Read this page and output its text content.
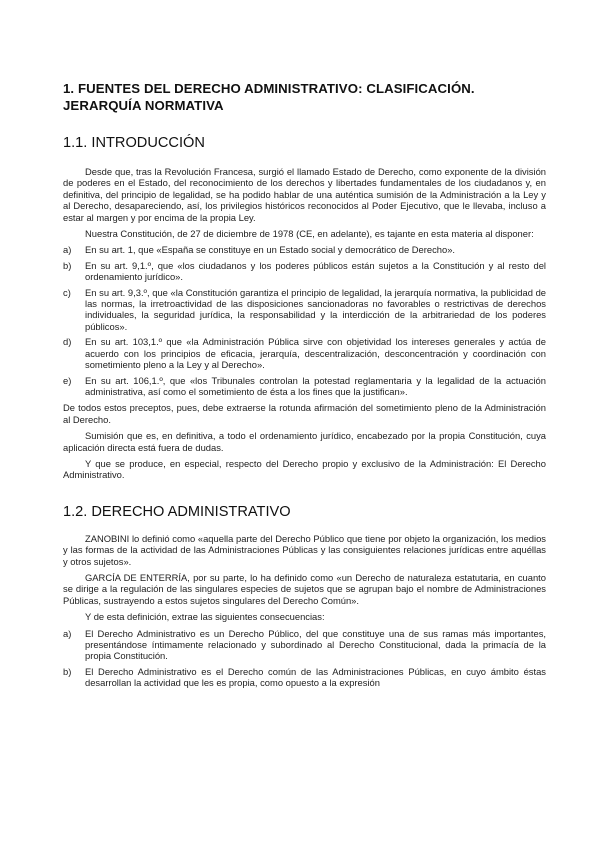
1. FUENTES DEL DERECHO ADMINISTRATIVO: CLASIFICACIÓN. JERARQUÍA NORMATIVA
1.1. INTRODUCCIÓN

Desde que, tras la Revolución Francesa, surgió el llamado Estado de Derecho, como exponente de la división de poderes en el Estado, del reconocimiento de los derechos y libertades fundamentales de los ciudadanos y, en definitiva, del principio de legalidad, se ha podido hablar de una auténtica sumisión de la Administración a la Ley y al Derecho, desapareciendo, así, los privilegios históricos reconocidos al Poder Ejecutivo, que le llevaba, incluso a estar al margen y por encima de la propia Ley.

Nuestra Constitución, de 27 de diciembre de 1978 (CE, en adelante), es tajante en esta materia al disponer:

a) En su art. 1, que «España se constituye en un Estado social y democrático de Derecho».
b) En su art. 9,1.º, que «los ciudadanos y los poderes públicos están sujetos a la Constitución y al resto del ordenamiento jurídico».
c) En su art. 9,3.º, que «la Constitución garantiza el principio de legalidad, la jerarquía normativa, la publicidad de las normas, la irretroactividad de las disposiciones sancionadoras no favorables o restrictivas de derechos individuales, la seguridad jurídica, la responsabilidad y la interdicción de la arbitrariedad de los poderes públicos».
d) En su art. 103,1.º que «la Administración Pública sirve con objetividad los intereses generales y actúa de acuerdo con los principios de eficacia, jerarquía, descentralización, desconcentración y coordinación con sometimiento pleno a la Ley y al Derecho».
e) En su art. 106,1.º, que «los Tribunales controlan la potestad reglamentaria y la legalidad de la actuación administrativa, así como el sometimiento de ésta a los fines que la justifican».

De todos estos preceptos, pues, debe extraerse la rotunda afirmación del sometimiento pleno de la Administración al Derecho.

Sumisión que es, en definitiva, a todo el ordenamiento jurídico, encabezado por la propia Constitución, cuya aplicación directa está fuera de dudas.

Y que se produce, en especial, respecto del Derecho propio y exclusivo de la Administración: El Derecho Administrativo.

1.2. DERECHO ADMINISTRATIVO

ZANOBINI lo definió como «aquella parte del Derecho Público que tiene por objeto la organización, los medios y las formas de la actividad de las Administraciones Públicas y las consiguientes relaciones jurídicas entre aquéllas y otros sujetos».

GARCÍA DE ENTERRÍA, por su parte, lo ha definido como «un Derecho de naturaleza estatutaria, en cuanto se dirige a la regulación de las singulares especies de sujetos que se agrupan bajo el nombre de Administraciones Públicas, sustrayendo a estos sujetos singulares del Derecho Común».

Y de esta definición, extrae las siguientes consecuencias:

a) El Derecho Administrativo es un Derecho Público, del que constituye una de sus ramas más importantes, presentándose íntimamente relacionado y subordinado al Derecho Constitucional, dada la primacía de la propia Constitución.
b) El Derecho Administrativo es el Derecho común de las Administraciones Públicas, en cuyo ámbito éstas desarrollan la actividad que les es propia, como opuesto a la expresión
